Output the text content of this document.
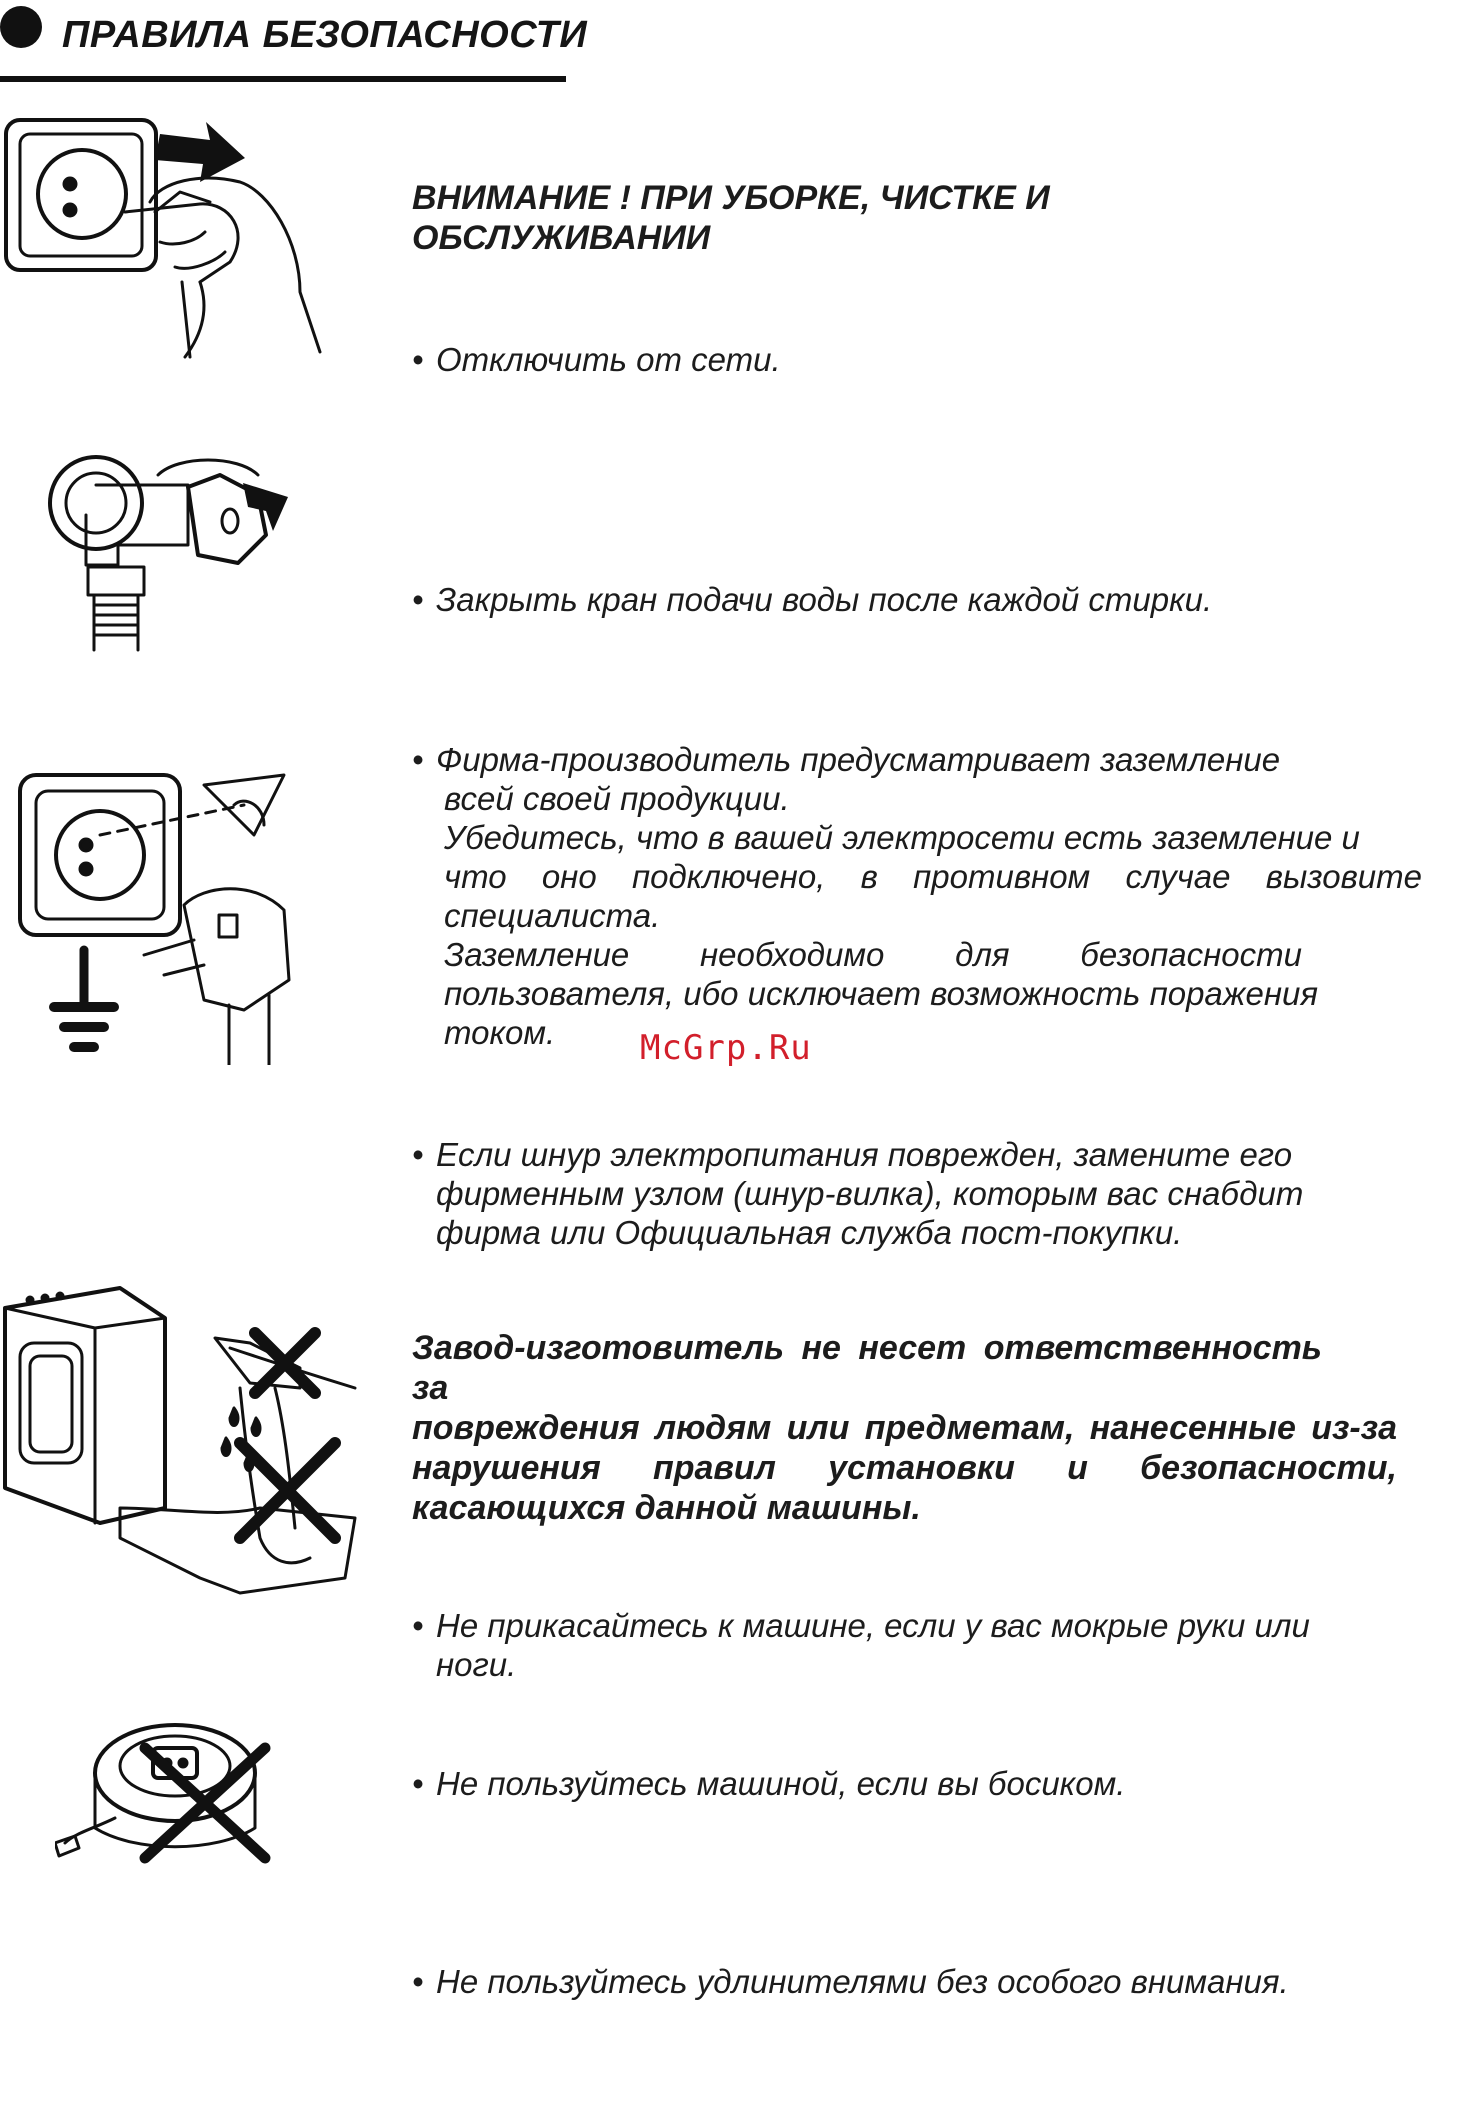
ПРАВИЛА БЕЗОПАСНОСТИ
ВНИМАНИЕ ! ПРИ УБОРКЕ, ЧИСТКЕ И
ОБСЛУЖИВАНИИ
• Отключить от сети.
• Закрыть кран подачи воды после каждой стирки.
• Фирма-производитель предусматривает заземление
всей своей продукции.
Убедитесь, что в вашей электросети есть заземление и
что оно подключено, в противном случае вызовите
специалиста.
Заземление необходимо для безопасности
пользователя, ибо исключает возможность поражения
током.	McGrp.Ru
• Если шнур электропитания поврежден, замените его
фирменным узлом (шнур-вилка), которым вас снабдит
фирма или Официальная служба пост-покупки.
Завод-изготовитель не несет ответственность за
повреждения людям или предметам, нанесенные из-за
нарушения правил установки и безопасности,
касающихся данной машины.
• Не прикасайтесь к машине, если у вас мокрые руки или
ноги.
• Не пользуйтесь машиной, если вы босиком.
• Не пользуйтесь удлинителями без особого внимания.
